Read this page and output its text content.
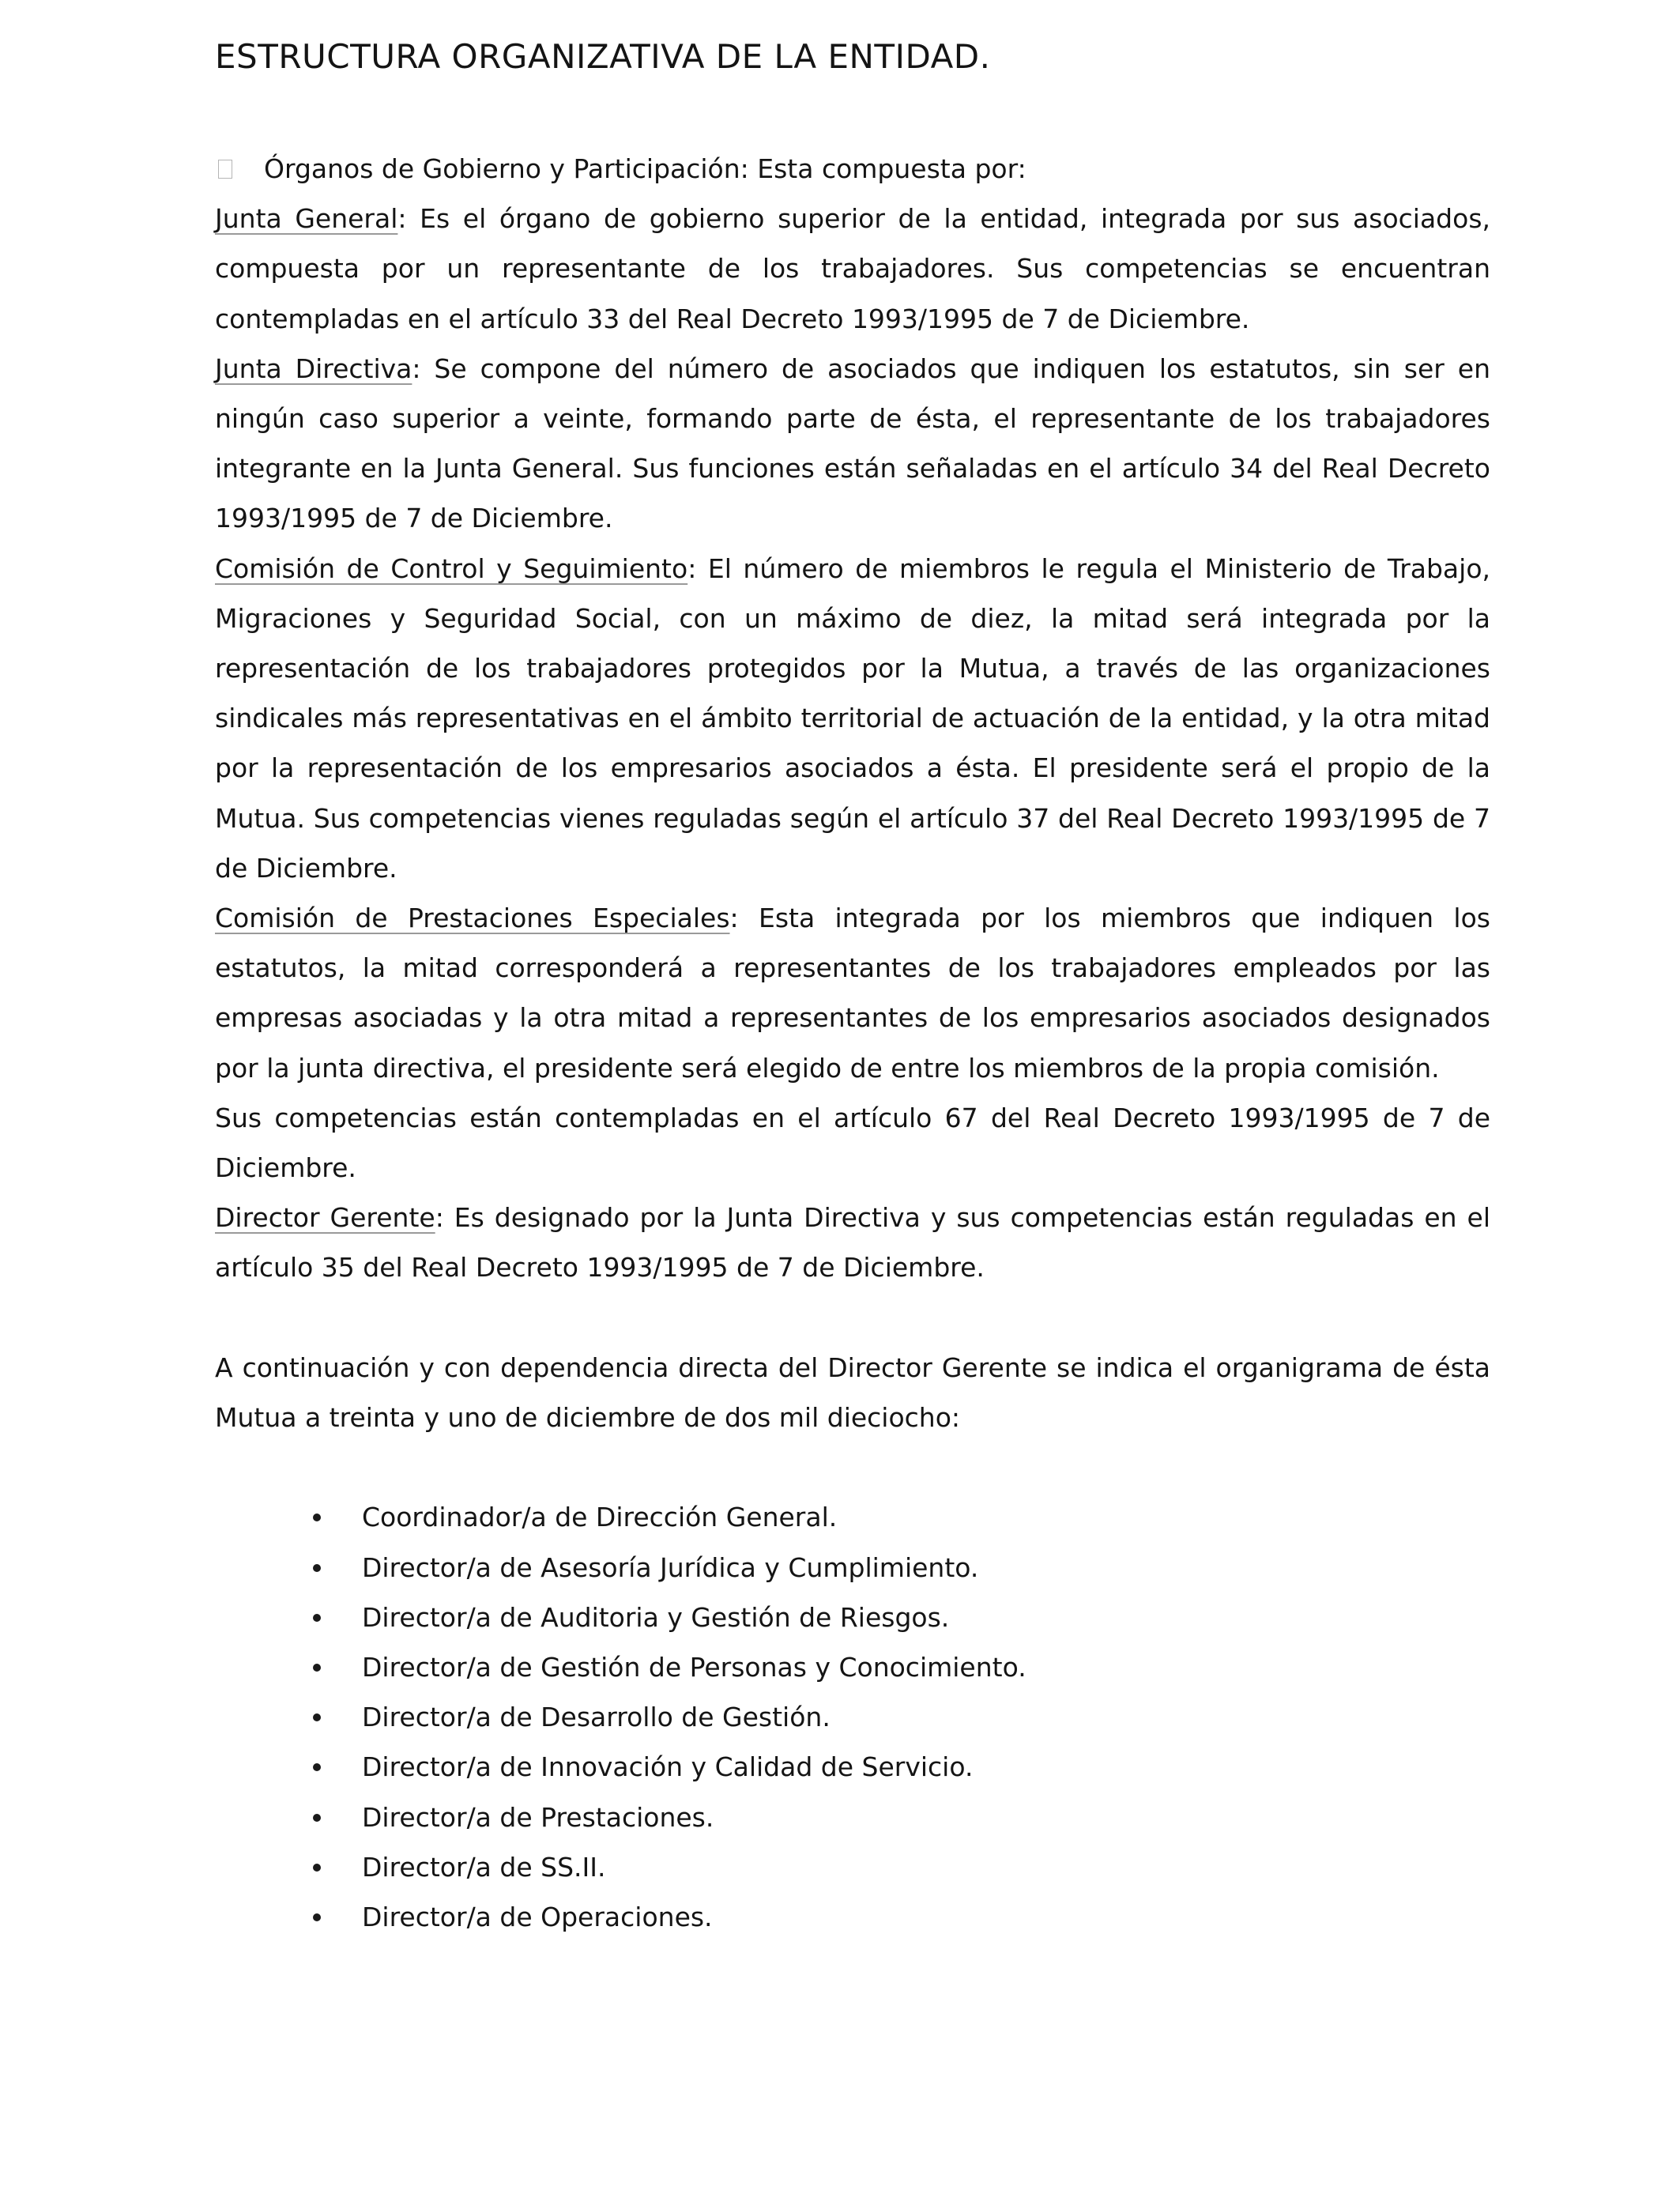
ESTRUCTURA ORGANIZATIVA DE LA ENTIDAD.
Órganos de Gobierno y Participación: Esta compuesta por:

Junta General: Es el órgano de gobierno superior de la entidad, integrada por sus asociados, compuesta por un representante de los trabajadores. Sus competencias se encuentran contempladas en el artículo 33 del Real Decreto 1993/1995 de 7 de Diciembre.

Junta Directiva: Se compone del número de asociados que indiquen los estatutos, sin ser en ningún caso superior a veinte, formando parte de ésta, el representante de los trabajadores integrante en la Junta General. Sus funciones están señaladas en el artículo 34 del Real Decreto 1993/1995 de 7 de Diciembre.

Comisión de Control y Seguimiento: El número de miembros le regula el Ministerio de Trabajo, Migraciones y Seguridad Social, con un máximo de diez, la mitad será integrada por la representación de los trabajadores protegidos por la Mutua, a través de las organizaciones sindicales más representativas en el ámbito territorial de actuación de la entidad, y la otra mitad por la representación de los empresarios asociados a ésta. El presidente será el propio de la Mutua. Sus competencias vienes reguladas según el artículo 37 del Real Decreto 1993/1995 de 7 de Diciembre.

Comisión de Prestaciones Especiales: Esta integrada por los miembros que indiquen los estatutos, la mitad corresponderá a representantes de los trabajadores empleados por las empresas asociadas y la otra mitad a representantes de los empresarios asociados designados por la junta directiva, el presidente será elegido de entre los miembros de la propia comisión.

Sus competencias están contempladas en el artículo 67 del Real Decreto 1993/1995 de 7 de Diciembre.

Director Gerente: Es designado por la Junta Directiva y sus competencias están reguladas en el artículo 35 del Real Decreto 1993/1995 de 7 de Diciembre.

A continuación y con dependencia directa del Director Gerente se indica el organigrama de ésta Mutua a treinta y uno de diciembre de dos mil dieciocho:

Coordinador/a de Dirección General.
Director/a de Asesoría Jurídica y Cumplimiento.
Director/a de Auditoria y Gestión de Riesgos.
Director/a de Gestión de Personas y Conocimiento.
Director/a de Desarrollo de Gestión.
Director/a de Innovación y Calidad de Servicio.
Director/a de Prestaciones.
Director/a de SS.II.
Director/a de Operaciones.
